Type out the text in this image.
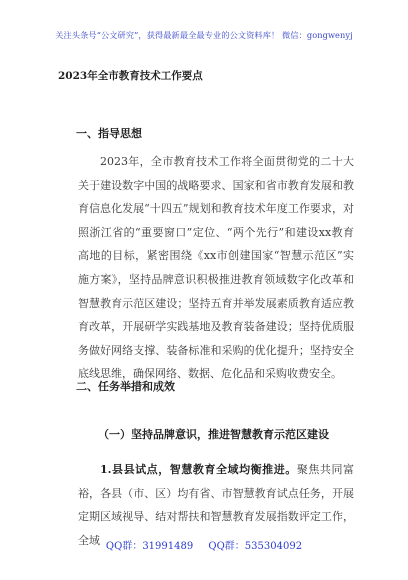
关注头条号“公文研究”，获得最新最全最专业的公文资料库！ 微信：gongwenyj
2023年全市教育技术工作要点
一、指导思想

2023年，全市教育技术工作将全面贯彻党的二十大关于建设数字中国的战略要求、国家和省市教育发展和教育信息化发展“十四五”规划和教育技术年度工作要求，对照浙江省的“重要窗口”定位、“两个先行”和建设xx教育高地的目标，紧密围绕《xx市创建国家“智慧示范区”实施方案》，坚持品牌意识积极推进教育领域数字化改革和智慧教育示范区建设；坚持五育并举发展素质教育适应教育改革，开展研学实践基地及教育装备建设；坚持优质服务做好网络支撑、装备标准和采购的优化提升；坚持安全底线思维，确保网络、数据、危化品和采购收费安全。

二、任务举措和成效
（一）坚持品牌意识，推进智慧教育示范区建设

1.县县试点，智慧教育全域均衡推进。聚焦共同富裕，各县（市、区）均有省、市智慧教育试点任务，开展定期区域视导、结对帮扶和智慧教育发展指数评定工作，全域 QQ群：31991489 QQ群：535304092
